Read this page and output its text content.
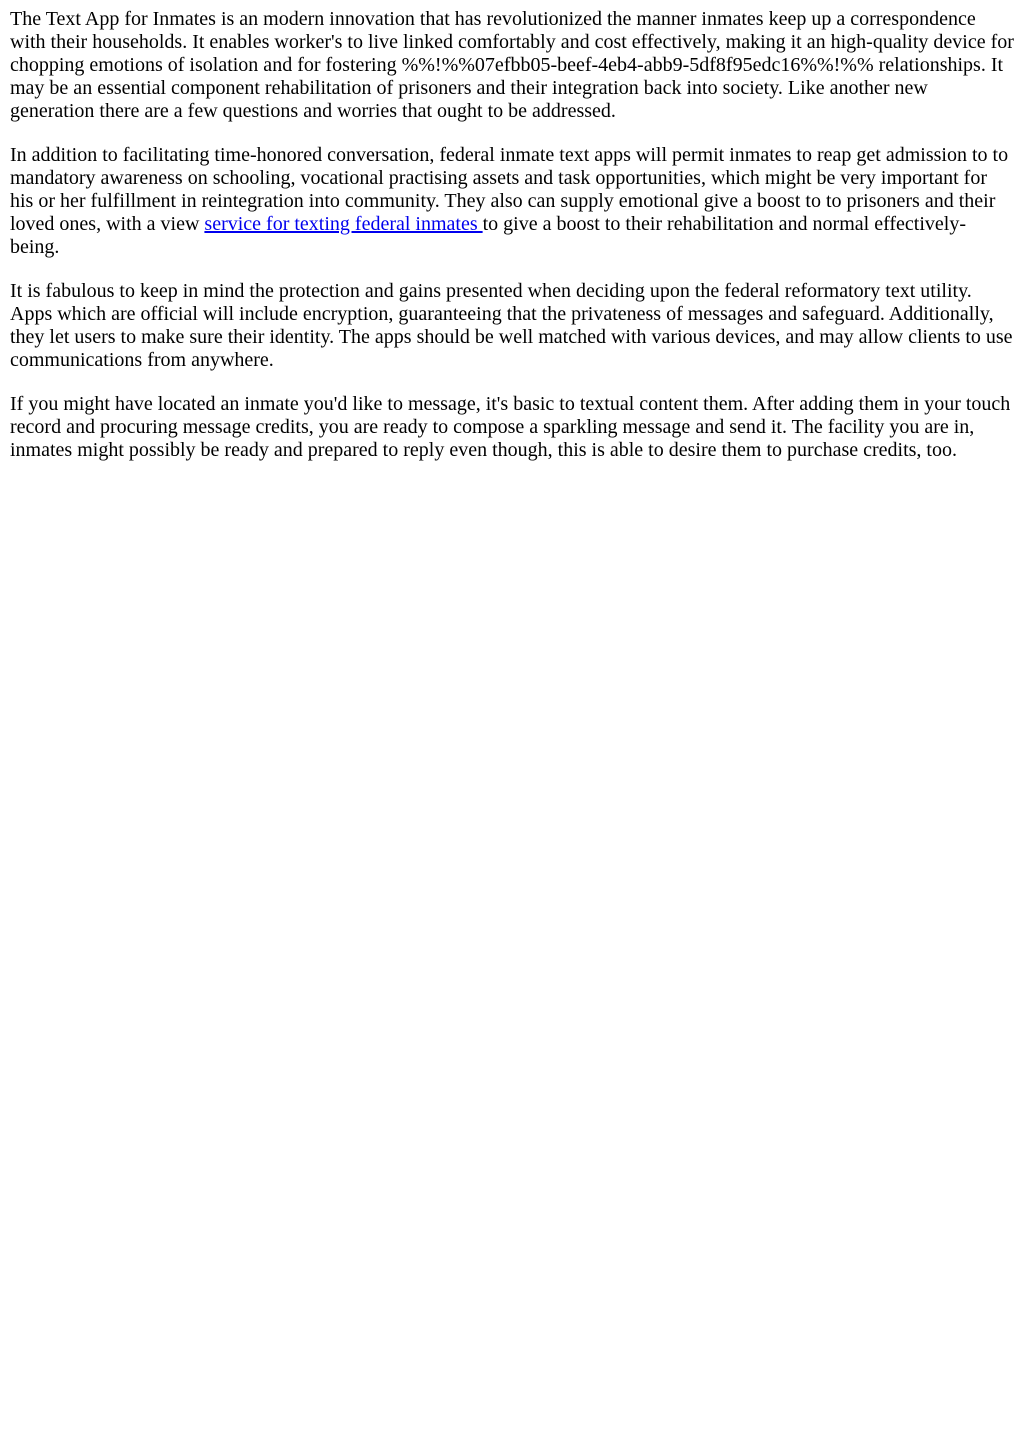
The Text App for Inmates is an modern innovation that has revolutionized the manner inmates keep up a correspondence with their households. It enables worker's to live linked comfortably and cost effectively, making it an high-quality device for chopping emotions of isolation and for fostering %%!%%07efbb05-beef-4eb4-abb9-5df8f95edc16%%!%% relationships. It may be an essential component rehabilitation of prisoners and their integration back into society. Like another new generation there are a few questions and worries that ought to be addressed.

In addition to facilitating time-honored conversation, federal inmate text apps will permit inmates to reap get admission to to mandatory awareness on schooling, vocational practising assets and task opportunities, which might be very important for his or her fulfillment in reintegration into community. They also can supply emotional give a boost to to prisoners and their loved ones, with a view service for texting federal inmates to give a boost to their rehabilitation and normal effectively-being.

It is fabulous to keep in mind the protection and gains presented when deciding upon the federal reformatory text utility. Apps which are official will include encryption, guaranteeing that the privateness of messages and safeguard. Additionally, they let users to make sure their identity. The apps should be well matched with various devices, and may allow clients to use communications from anywhere.

If you might have located an inmate you'd like to message, it's basic to textual content them. After adding them in your touch record and procuring message credits, you are ready to compose a sparkling message and send it. The facility you are in, inmates might possibly be ready and prepared to reply even though, this is able to desire them to purchase credits, too.
